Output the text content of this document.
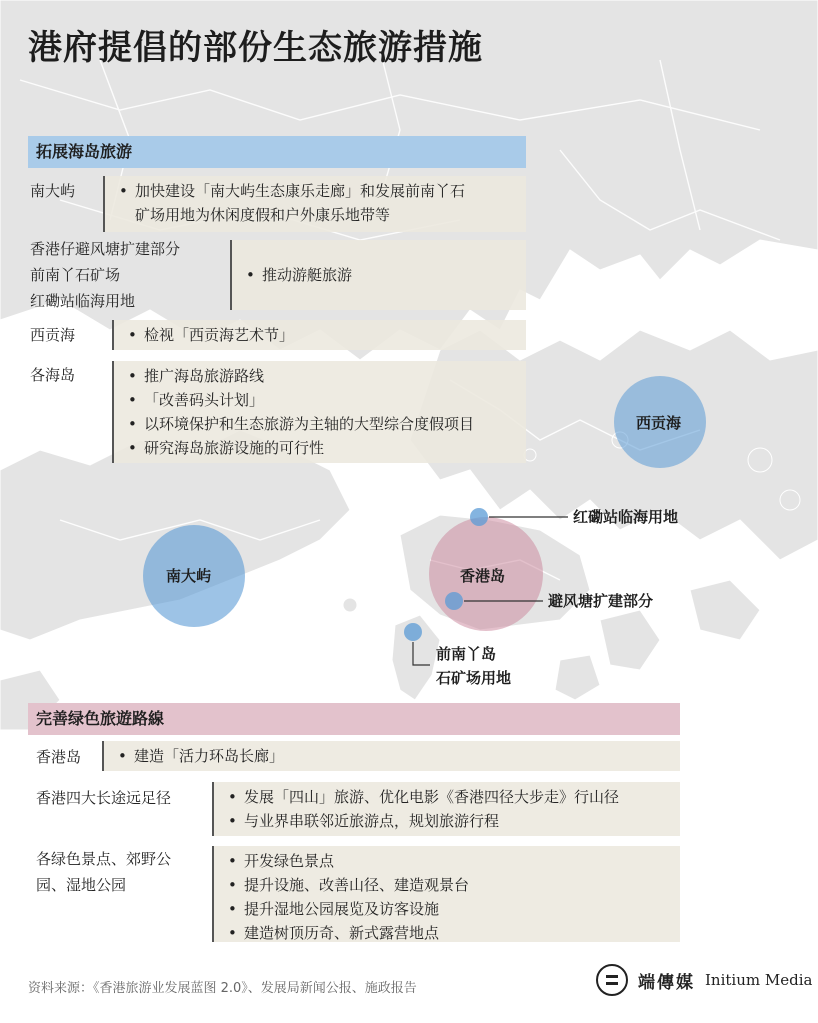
港府提倡的部份生态旅游措施
拓展海岛旅游
南大屿	• 加快建设「南大屿生态康乐走廊」和发展前南丫石
矿场用地为休闲度假和户外康乐地带等
香港仔避风塘扩建部分
前南丫石矿场
红磡站临海用地
• 推动游艇旅游
西贡海	• 检视「西贡海艺术节」
各海岛	• 推广海岛旅游路线
• 「改善码头计划」
• 以环境保护和生态旅游为主轴的大型综合度假项目
• 研究海岛旅游设施的可行性
西贡海
南大屿	香港岛
红磡站临海用地
避风塘扩建部分
前南丫岛
石矿场用地
完善绿色旅遊路線
香港岛	• 建造「活力环岛长廊」
香港四大长途远足径	• 发展「四山」旅游、优化电影《香港四径大步走》行山径
• 与业界串联邻近旅游点，规划旅游行程
各绿色景点、郊野公
园、湿地公园
• 开发绿色景点
• 提升设施、改善山径、建造观景台
• 提升湿地公园展览及访客设施
• 建造树顶历奇、新式露营地点
资料来源：《香港旅游业发展蓝图 2.0》、发展局新闻公报、施政报告	端傳媒 Initium Media
